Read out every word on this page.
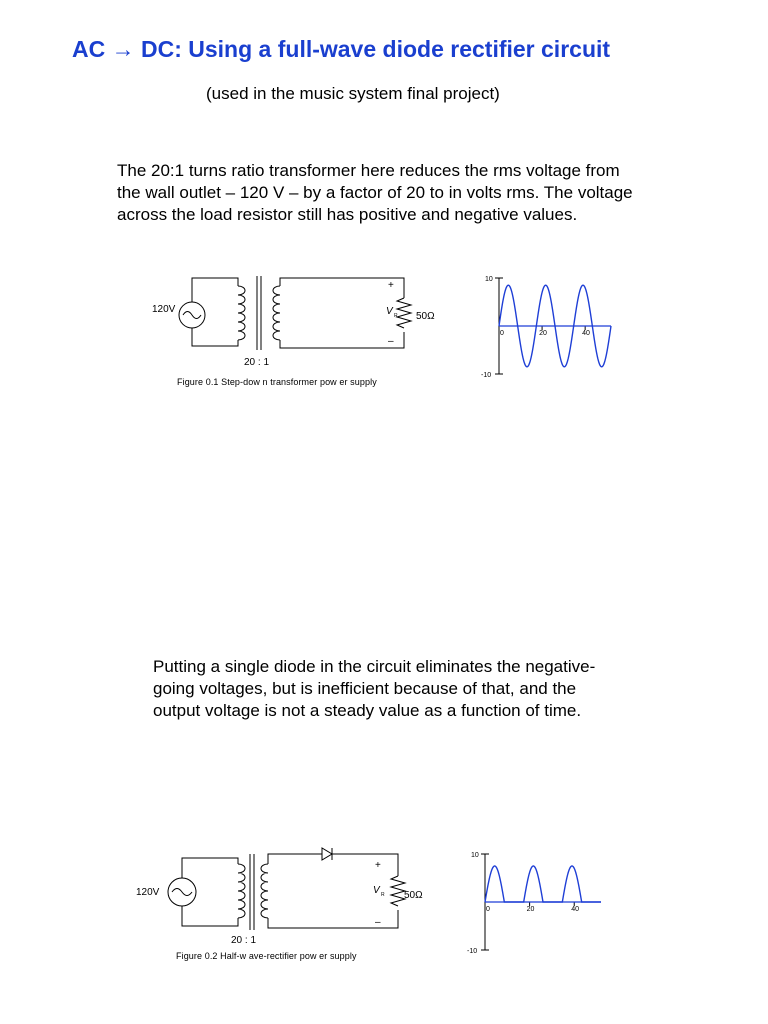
AC → DC: Using a full-wave diode rectifier circuit
(used in the music system final project)
The 20:1 turns ratio transformer here reduces the rms voltage from
the wall outlet – 120 V – by a factor of 20 to in volts rms. The voltage
across the load resistor still has positive and negative values.
120V
+
–
V R 50Ω
20 : 1
Figure 0.1 Step-dow n transformer pow er supply
10
-10
0	20	40
Putting a single diode in the circuit eliminates the negative-
going voltages, but is inefficient because of that, and the
output voltage is not a steady value as a function of time.
120V
+
–
V R 50Ω
20 : 1
Figure 0.2 Half-w ave-rectifier pow er supply
10
-10
0	20	40
